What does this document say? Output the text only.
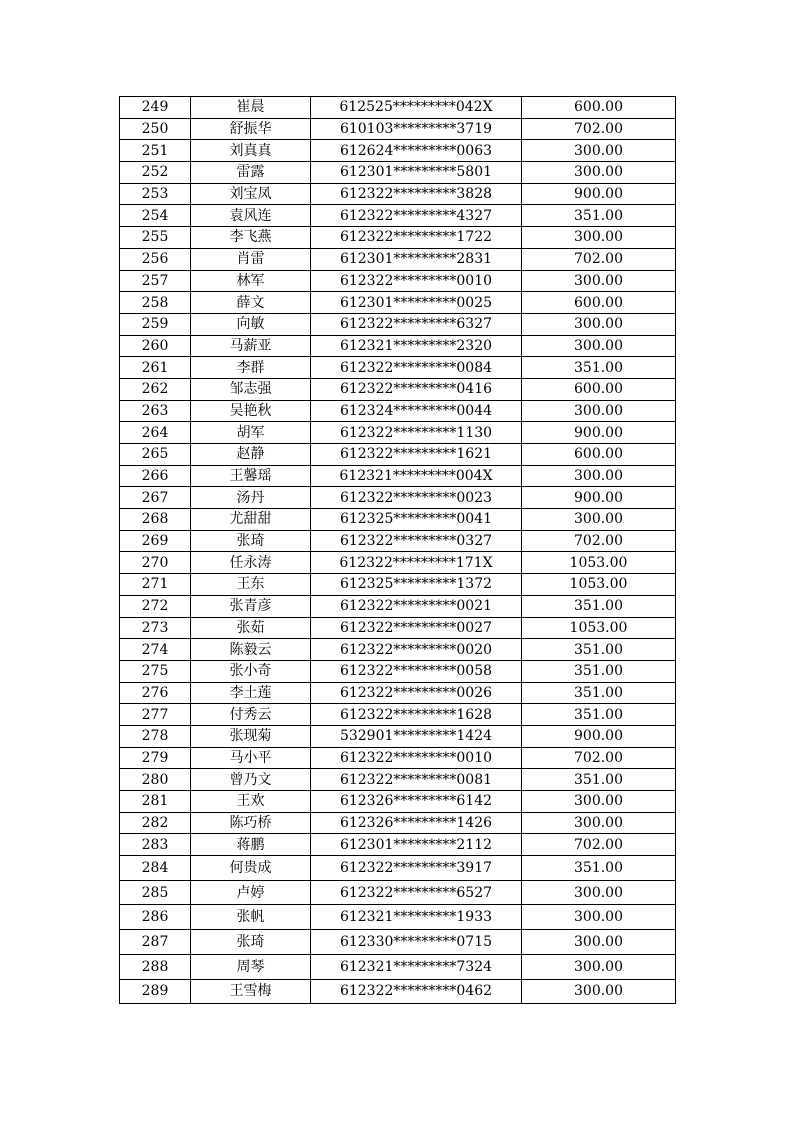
249	崔晨	612525*********042X	600.00
250	舒振华	610103*********3719	702.00
251	刘真真	612624*********0063	300.00
252	雷露	612301*********5801	300.00
253	刘宝凤	612322*********3828	900.00
254	袁风连	612322*********4327	351.00
255	李飞燕	612322*********1722	300.00
256	肖雷	612301*********2831	702.00
257	林军	612322*********0010	300.00
258	薛文	612301*********0025	600.00
259	向敏	612322*********6327	300.00
260	马薪亚	612321*********2320	300.00
261	李群	612322*********0084	351.00
262	邹志强	612322*********0416	600.00
263	吴艳秋	612324*********0044	300.00
264	胡军	612322*********1130	900.00
265	赵静	612322*********1621	600.00
266	王馨瑶	612321*********004X	300.00
267	汤丹	612322*********0023	900.00
268	尤甜甜	612325*********0041	300.00
269	张琦	612322*********0327	702.00
270	任永涛	612322*********171X	1053.00
271	王东	612325*********1372	1053.00
272	张青彦	612322*********0021	351.00
273	张茹	612322*********0027	1053.00
274	陈毅云	612322*********0020	351.00
275	张小奇	612322*********0058	351.00
276	李土莲	612322*********0026	351.00
277	付秀云	612322*********1628	351.00
278	张现菊	532901*********1424	900.00
279	马小平	612322*********0010	702.00
280	曾乃文	612322*********0081	351.00
281	王欢	612326*********6142	300.00
282	陈巧桥	612326*********1426	300.00
283	蒋鹏	612301*********2112	702.00
284	何贵成	612322*********3917	351.00
285	卢婷	612322*********6527	300.00
286	张帆	612321*********1933	300.00
287	张琦	612330*********0715	300.00
288	周琴	612321*********7324	300.00
289	王雪梅	612322*********0462	300.00
